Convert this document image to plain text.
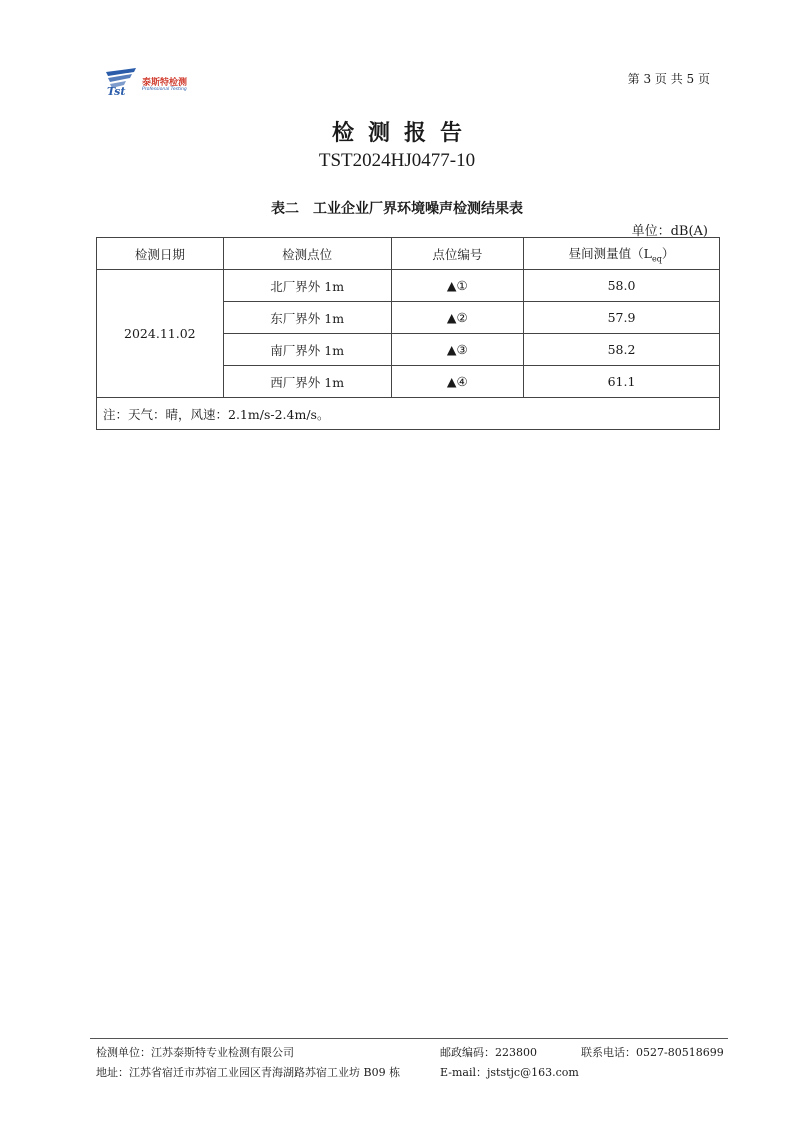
Tst
泰斯特检测
Professional Testing
第 3 页 共 5 页
检测报告
TST2024HJ0477-10
表二 工业企业厂界环境噪声检测结果表
单位：dB(A)
检测日期	检测点位	点位编号	昼间测量值$(L_{eq})$
2024.11.02	北厂界外 1m	▲①	58.0
	东厂界外 1m	▲②	57.9
	南厂界外 1m	▲③	58.2
	西厂界外 1m	▲④	61.1
注：天气：晴，风速：2.1m/s-2.4m/s。			
检测单位：江苏泰斯特专业检测有限公司	邮政编码：223800	联系电话：0527-80518699
地址：江苏省宿迁市苏宿工业园区青海湖路苏宿工业坊 B09 栋	E-mail：jststjc@163.com
